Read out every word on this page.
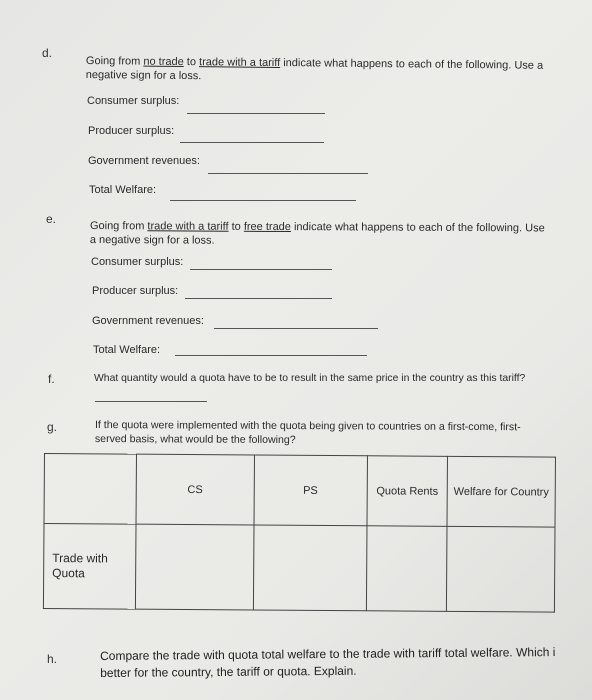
d.
Going from no trade to trade with a tariff indicate what happens to each of the following. Use a
negative sign for a loss.
Consumer surplus:
Producer surplus:
Government revenues:
Total Welfare:
e.
Going from trade with a tariff to free trade indicate what happens to each of the following. Use
a negative sign for a loss.
Consumer surplus:
Producer surplus:
Government revenues:
Total Welfare:
f.	What quantity would a quota have to be to result in the same price in the country as this tariff?
g.	If the quota were implemented with the quota being given to countries on a first-come, first-
served basis, what would be the following?
	CS	PS	Quota Rents	Welfare for Country
Trade with Quota				
h.	Compare the trade with quota total welfare to the trade with tariff total welfare. Which i
better for the country, the tariff or quota. Explain.
